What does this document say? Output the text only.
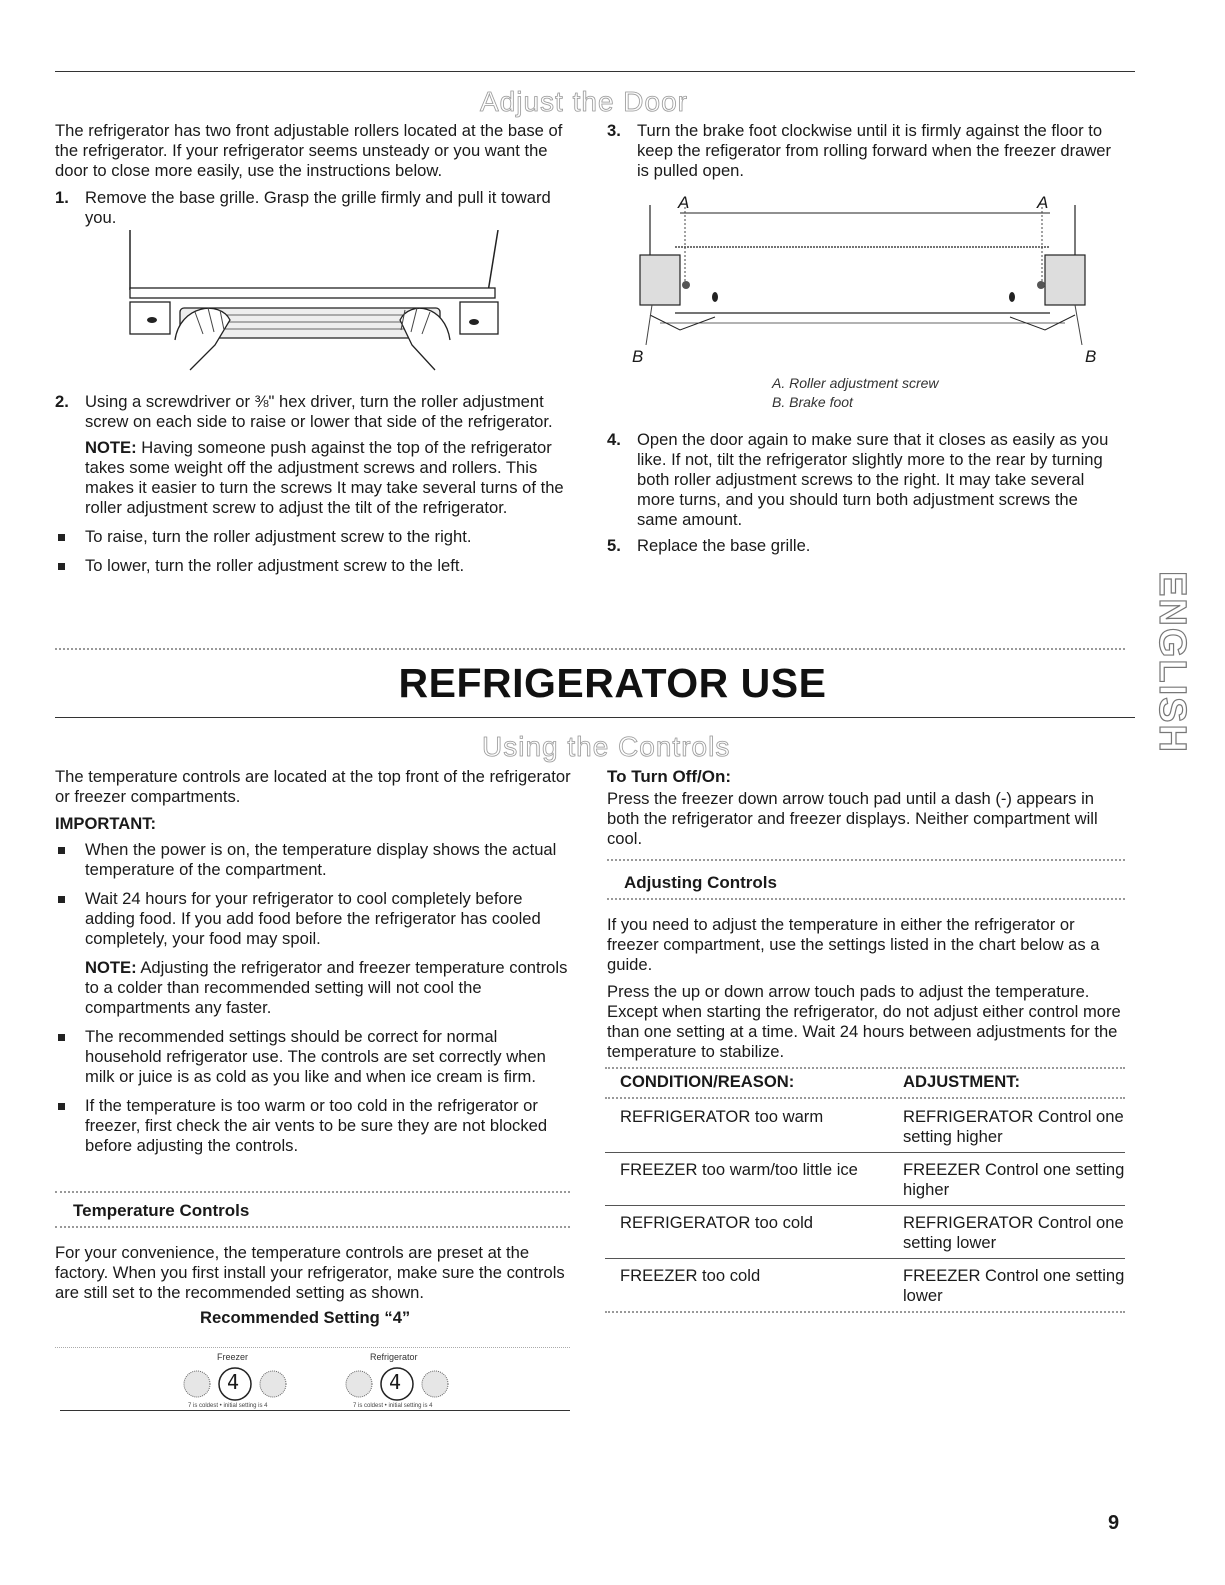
Adjust the Door

The refrigerator has two front adjustable rollers located at the base of the refrigerator. If your refrigerator seems unsteady or you want the door to close more easily, use the instructions below.

1. Remove the base grille. Grasp the grille firmly and pull it toward you.
2. Using a screwdriver or ⅜" hex driver, turn the roller adjustment screw on each side to raise or lower that side of the refrigerator.
NOTE: Having someone push against the top of the refrigerator takes some weight off the adjustment screws and rollers. This makes it easier to turn the screws It may take several turns of the roller adjustment screw to adjust the tilt of the refrigerator.
To raise, turn the roller adjustment screw to the right.
To lower, turn the roller adjustment screw to the left.
3. Turn the brake foot clockwise until it is firmly against the floor to keep the refigerator from rolling forward when the freezer drawer is pulled open.
A	A
B	B
A. Roller adjustment screw
B. Brake foot
4. Open the door again to make sure that it closes as easily as you like. If not, tilt the refrigerator slightly more to the rear by turning both roller adjustment screws to the right. It may take several more turns, and you should turn both adjustment screws the same amount.
5. Replace the base grille.
REFRIGERATOR USE
Using the Controls

The temperature controls are located at the top front of the refrigerator or freezer compartments.

IMPORTANT:

When the power is on, the temperature display shows the actual temperature of the compartment.
Wait 24 hours for your refrigerator to cool completely before adding food. If you add food before the refrigerator has cooled completely, your food may spoil.
NOTE: Adjusting the refrigerator and freezer temperature controls to a colder than recommended setting will not cool the compartments any faster.
The recommended settings should be correct for normal household refrigerator use. The controls are set correctly when milk or juice is as cold as you like and when ice cream is firm.
If the temperature is too warm or too cold in the refrigerator or freezer, first check the air vents to be sure they are not blocked before adjusting the controls.
Temperature Controls

For your convenience, the temperature controls are preset at the factory. When you first install your refrigerator, make sure the controls are still set to the recommended setting as shown.

Recommended Setting “4”
Freezer	Refrigerator
4	4
7 is coldest • initial setting is 4	7 is coldest • initial setting is 4
To Turn Off/On:

Press the freezer down arrow touch pad until a dash (-) appears in both the refrigerator and freezer displays. Neither compartment will cool.

Adjusting Controls

If you need to adjust the temperature in either the refrigerator or freezer compartment, use the settings listed in the chart below as a guide.

Press the up or down arrow touch pads to adjust the temperature. Except when starting the refrigerator, do not adjust either control more than one setting at a time. Wait 24 hours between adjustments for the temperature to stabilize.

CONDITION/REASON:	ADJUSTMENT:
REFRIGERATOR too warm	REFRIGERATOR Control one setting higher
FREEZER too warm/too little ice	FREEZER Control one setting higher
REFRIGERATOR too cold	REFRIGERATOR Control one setting lower
FREEZER too cold	FREEZER Control one setting lower
ENGLISH
9
